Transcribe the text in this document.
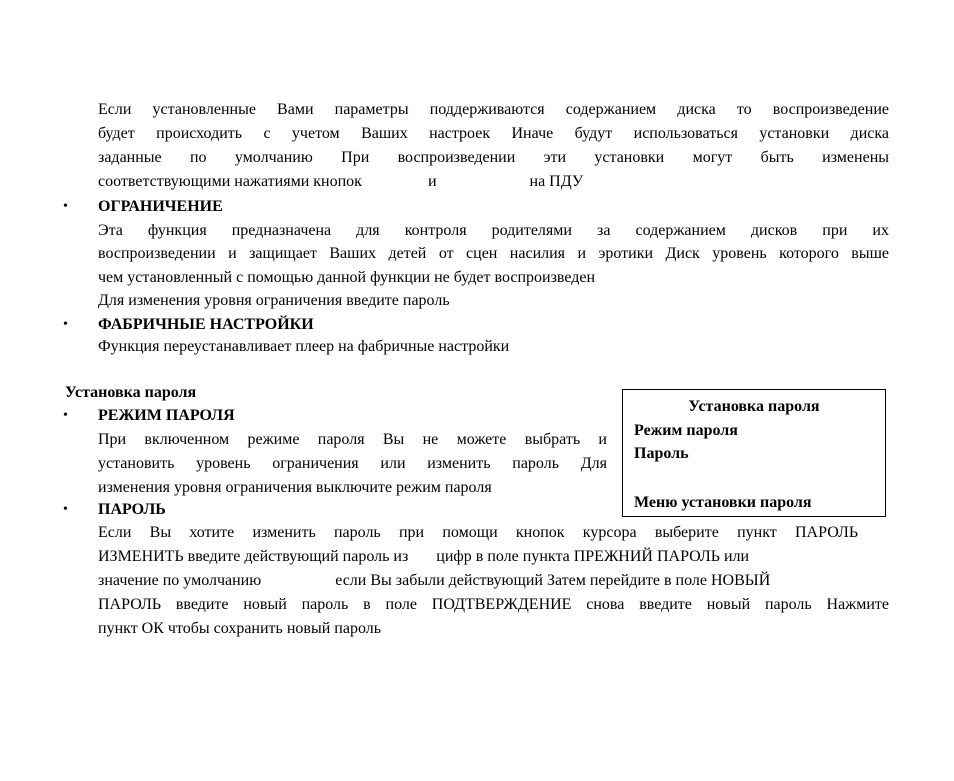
Если установленные Вами параметры поддерживаются содержанием диска то воспроизведение
будет происходить с учетом Ваших настроек Иначе будут использоваться установки диска
заданные по умолчанию При воспроизведении эти установки могут быть изменены
соответствующими нажатиями кнопок	и	на ПДУ
•	ОГРАНИЧЕНИЕ
Эта функция предназначена для контроля родителями за содержанием дисков при их
воспроизведении и защищает Ваших детей от сцен насилия и эротики Диск уровень которого выше
чем установленный с помощью данной функции не будет воспроизведен
Для изменения уровня ограничения введите пароль
•	ФАБРИЧНЫЕ НАСТРОЙКИ
Функция переустанавливает плеер на фабричные настройки
Установка пароля
•	РЕЖИМ ПАРОЛЯ
При включенном режиме пароля Вы не можете выбрать и
установить уровень ограничения или изменить пароль Для
изменения уровня ограничения выключите режим пароля
Установка пароля
Режим пароля
Пароль
Меню установки пароля
•	ПАРОЛЬ
Если Вы хотите изменить пароль при помощи кнопок курсора выберите пункт ПАРОЛЬ
ИЗМЕНИТЬ введите действующий пароль из цифр в поле пункта ПРЕЖНИЙ ПАРОЛЬ или
значение по умолчанию	если Вы забыли действующий Затем перейдите в поле НОВЫЙ
ПАРОЛЬ введите новый пароль в поле ПОДТВЕРЖДЕНИЕ снова введите новый пароль Нажмите
пункт ОК чтобы сохранить новый пароль
